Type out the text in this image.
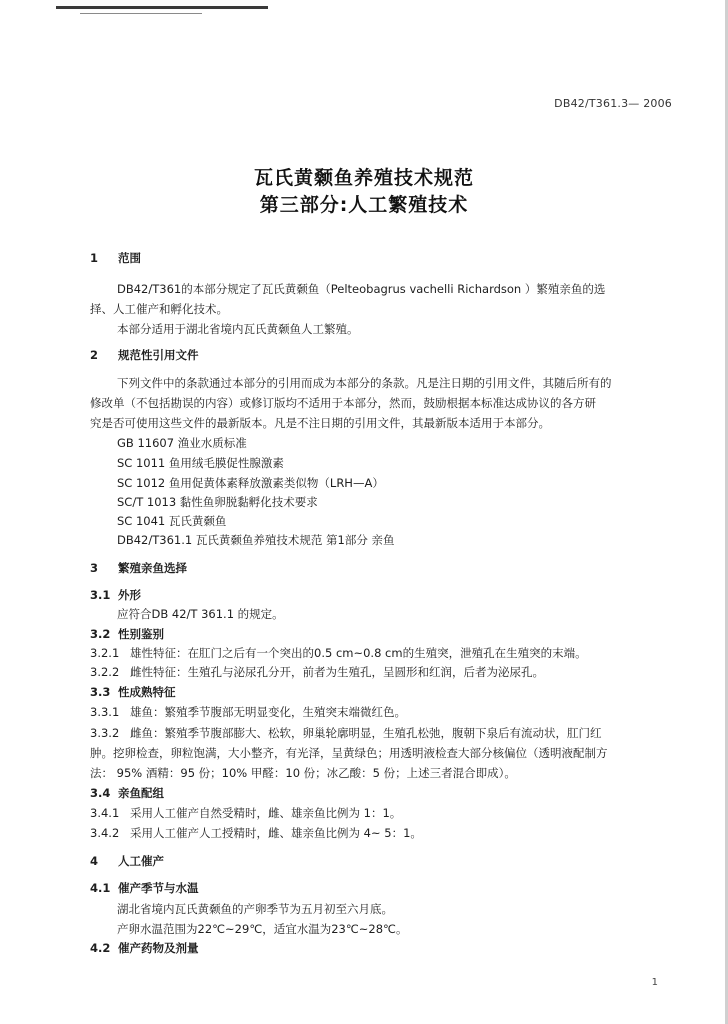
DB42/T361.3— 2006
瓦氏黄颡鱼养殖技术规范
第三部分:人工繁殖技术
1 范围
DB42/T361的本部分规定了瓦氏黄颡鱼（Pelteobagrus vachelli Richardson ）繁殖亲鱼的选
择、人工催产和孵化技术。
本部分适用于湖北省境内瓦氏黄颡鱼人工繁殖。
2 规范性引用文件
下列文件中的条款通过本部分的引用而成为本部分的条款。凡是注日期的引用文件，其随后所有的
修改单（不包括勘误的内容）或修订版均不适用于本部分，然而，鼓励根据本标准达成协议的各方研
究是否可使用这些文件的最新版本。凡是不注日期的引用文件，其最新版本适用于本部分。
GB 11607 渔业水质标准
SC 1011 鱼用绒毛膜促性腺激素
SC 1012 鱼用促黄体素释放激素类似物（LRH—A）
SC/T 1013 黏性鱼卵脱黏孵化技术要求
SC 1041 瓦氏黄颡鱼
DB42/T361.1 瓦氏黄颡鱼养殖技术规范 第1部分 亲鱼
3 繁殖亲鱼选择
3.1 外形
应符合DB 42/T 361.1 的规定。
3.2 性别鉴别
3.2.1 雄性特征：在肛门之后有一个突出的0.5 cm~0.8 cm的生殖突，泄殖孔在生殖突的末端。
3.2.2 雌性特征：生殖孔与泌尿孔分开，前者为生殖孔，呈圆形和红润，后者为泌尿孔。
3.3 性成熟特征
3.3.1 雄鱼：繁殖季节腹部无明显变化，生殖突末端微红色。
3.3.2 雌鱼：繁殖季节腹部膨大、松软，卵巢轮廓明显，生殖孔松弛，腹朝下泉后有流动状，肛门红
肿。挖卵检查，卵粒饱满，大小整齐，有光泽，呈黄绿色；用透明液检查大部分核偏位（透明液配制方
法： 95% 酒精：95 份；10% 甲醛：10 份；冰乙酸：5 份；上述三者混合即成）。
3.4 亲鱼配组
3.4.1 采用人工催产自然受精时，雌、雄亲鱼比例为 1：1。
3.4.2 采用人工催产人工授精时，雌、雄亲鱼比例为 4~ 5：1。
4 人工催产
4.1 催产季节与水温
湖北省境内瓦氏黄颡鱼的产卵季节为五月初至六月底。
产卵水温范围为22℃~29℃，适宜水温为23℃~28℃。
4.2 催产药物及剂量
1
